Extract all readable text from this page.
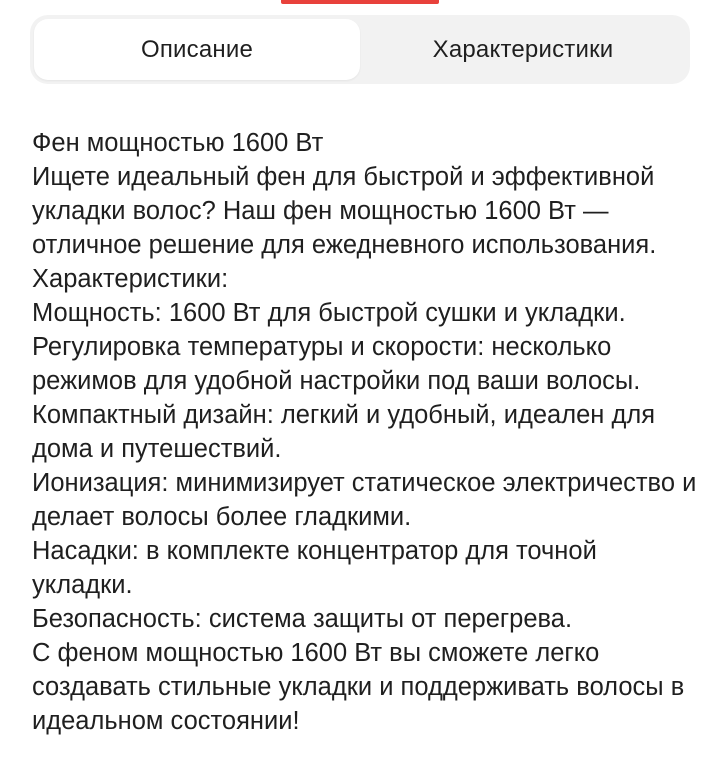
Описание	Характеристики

Фен мощностью 1600 Вт

Ищете идеальный фен для быстрой и эффективной укладки волос? Наш фен мощностью 1600 Вт — отличное решение для ежедневного использования.

Характеристики:

Мощность: 1600 Вт для быстрой сушки и укладки.

Регулировка температуры и скорости: несколько режимов для удобной настройки под ваши волосы.

Компактный дизайн: легкий и удобный, идеален для дома и путешествий.

Ионизация: минимизирует статическое электричество и делает волосы более гладкими.

Насадки: в комплекте концентратор для точной укладки.

Безопасность: система защиты от перегрева.

С феном мощностью 1600 Вт вы сможете легко создавать стильные укладки и поддерживать волосы в идеальном состоянии!
